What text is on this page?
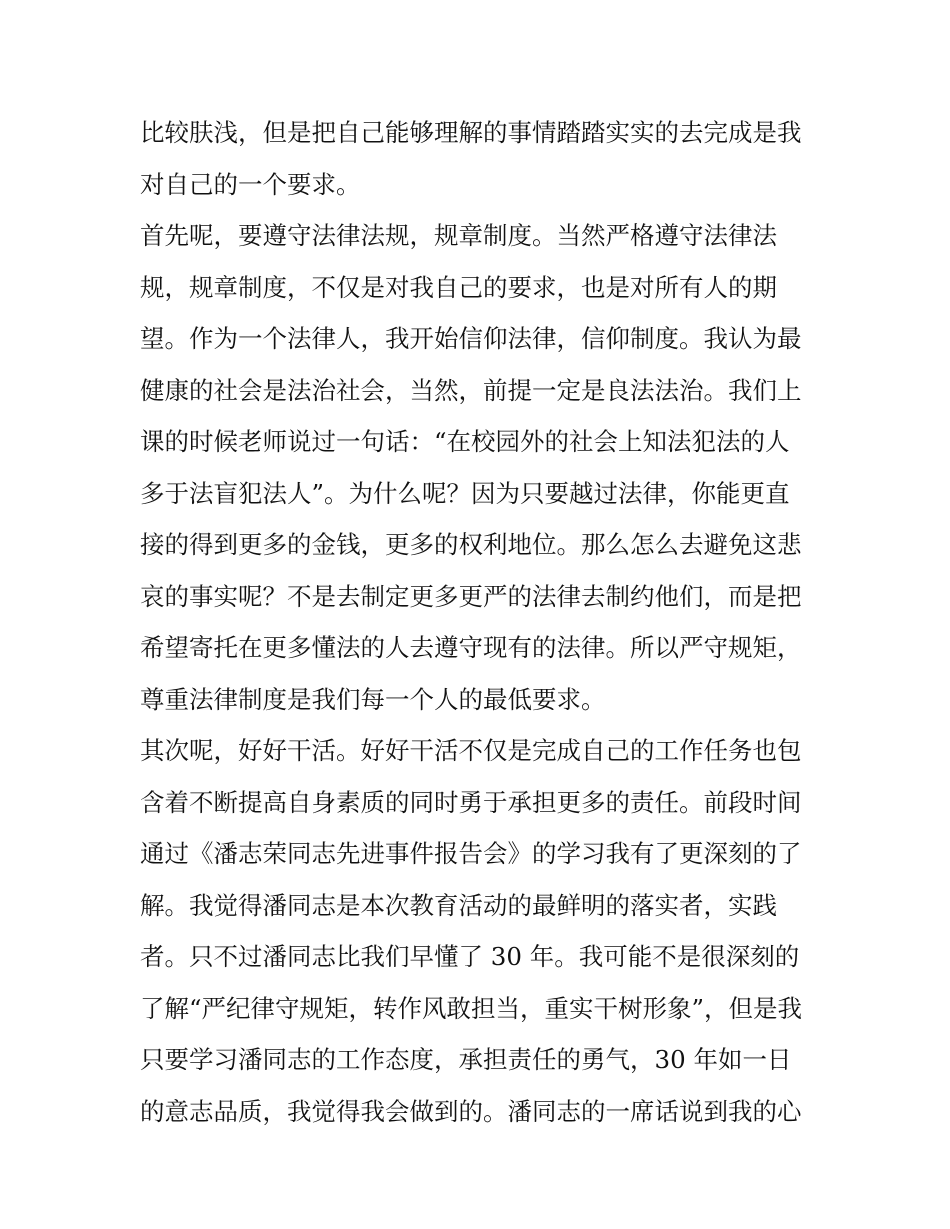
比较肤浅，但是把自己能够理解的事情踏踏实实的去完成是我
对自己的一个要求。
首先呢，要遵守法律法规，规章制度。当然严格遵守法律法
规，规章制度，不仅是对我自己的要求，也是对所有人的期
望。作为一个法律人，我开始信仰法律，信仰制度。我认为最
健康的社会是法治社会，当然，前提一定是良法法治。我们上
课的时候老师说过一句话：“在校园外的社会上知法犯法的人
多于法盲犯法人”。为什么呢？因为只要越过法律，你能更直
接的得到更多的金钱，更多的权利地位。那么怎么去避免这悲
哀的事实呢？不是去制定更多更严的法律去制约他们，而是把
希望寄托在更多懂法的人去遵守现有的法律。所以严守规矩，
尊重法律制度是我们每一个人的最低要求。
其次呢，好好干活。好好干活不仅是完成自己的工作任务也包
含着不断提高自身素质的同时勇于承担更多的责任。前段时间
通过《潘志荣同志先进事件报告会》的学习我有了更深刻的了
解。我觉得潘同志是本次教育活动的最鲜明的落实者，实践
者。只不过潘同志比我们早懂了 30 年。我可能不是很深刻的
了解“严纪律守规矩，转作风敢担当，重实干树形象”，但是我
只要学习潘同志的工作态度，承担责任的勇气，30 年如一日
的意志品质，我觉得我会做到的。潘同志的一席话说到我的心
